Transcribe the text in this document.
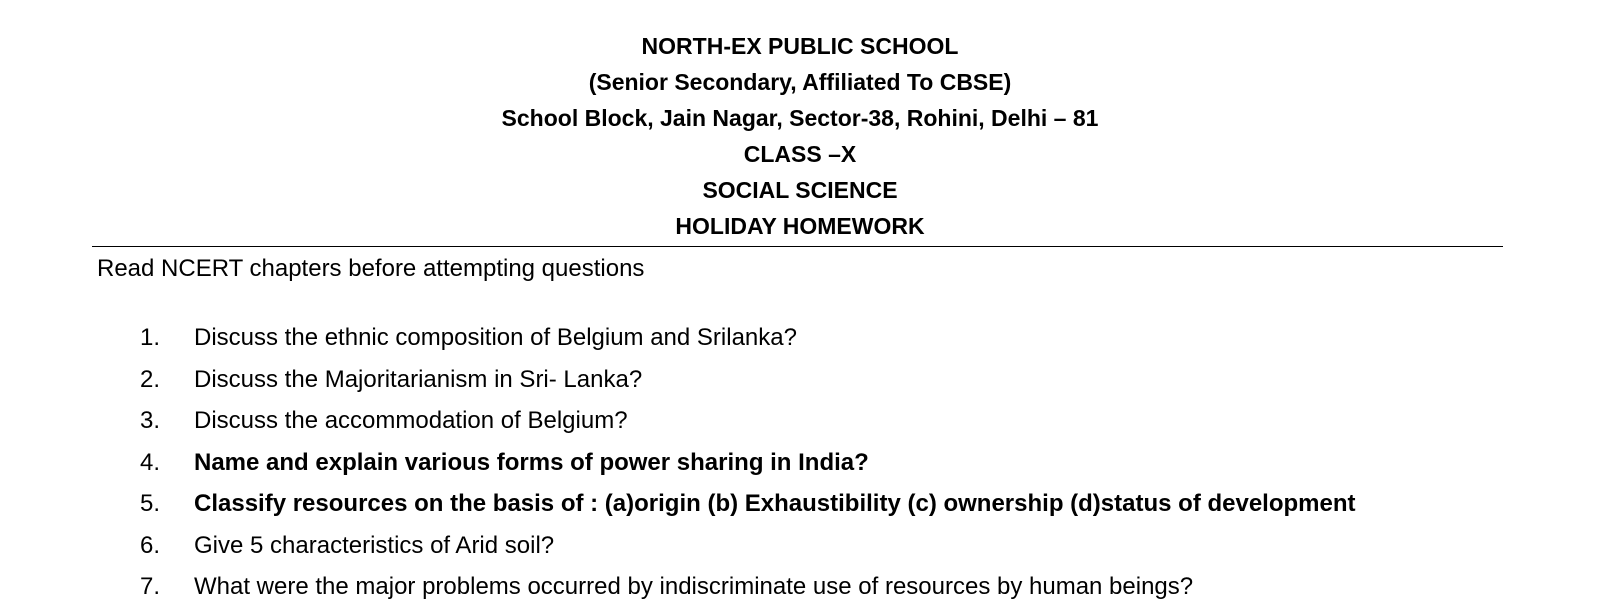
NORTH-EX PUBLIC SCHOOL
(Senior Secondary, Affiliated To CBSE)
School Block, Jain Nagar, Sector-38, Rohini, Delhi – 81
CLASS –X
SOCIAL SCIENCE
HOLIDAY HOMEWORK
Read NCERT chapters before attempting questions
1. Discuss the ethnic composition of Belgium and Srilanka?
2. Discuss the Majoritarianism in Sri- Lanka?
3. Discuss the accommodation of Belgium?
4. Name and explain various forms of power sharing in India?
5. Classify resources on the basis of : (a)origin (b) Exhaustibility (c) ownership (d)status of development
6. Give 5 characteristics of Arid soil?
7. What were the major problems occurred by indiscriminate use of resources by human beings?
